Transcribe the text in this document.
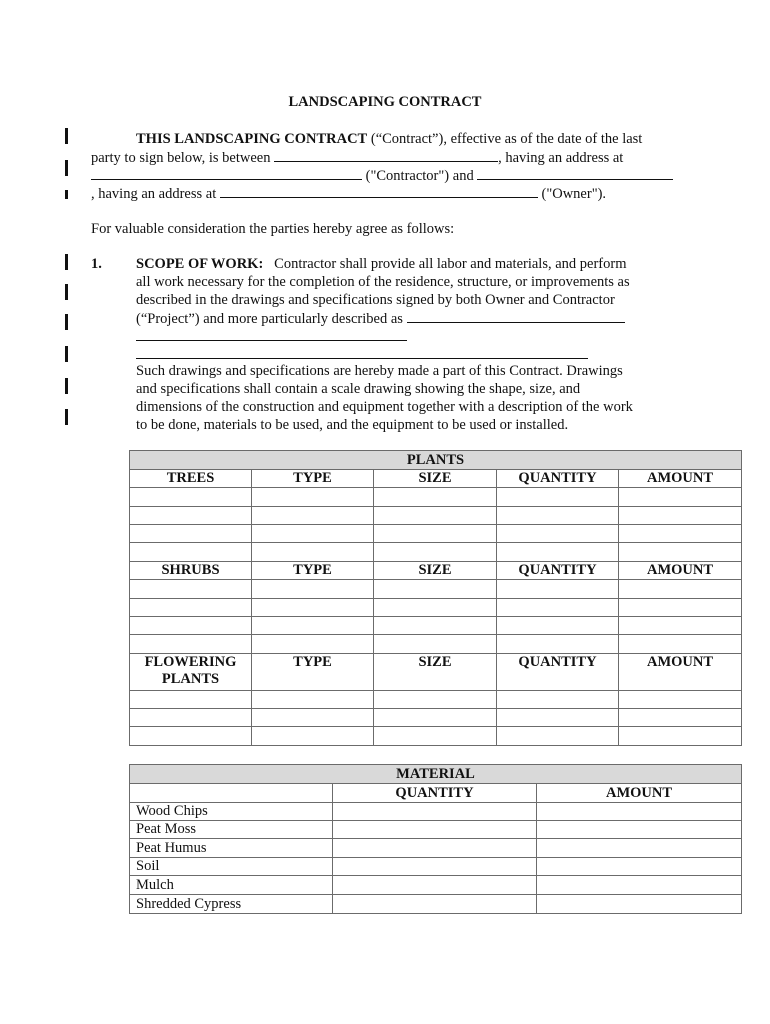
LANDSCAPING CONTRACT
THIS LANDSCAPING CONTRACT (“Contract”), effective as of the date of the last
party to sign below, is between	, having an address at
("Contractor") and
, having an address at	("Owner").
For valuable consideration the parties hereby agree as follows:
1. SCOPE OF WORK: Contractor shall provide all labor and materials, and perform
all work necessary for the completion of the residence, structure, or improvements as
described in the drawings and specifications signed by both Owner and Contractor
(“Project”) and more particularly described as
Such drawings and specifications are hereby made a part of this Contract. Drawings
and specifications shall contain a scale drawing showing the shape, size, and
dimensions of the construction and equipment together with a description of the work
to be done, materials to be used, and the equipment to be used or installed.
PLANTS				
TREES	TYPE	SIZE	QUANTITY	AMOUNT

SHRUBS	TYPE	SIZE	QUANTITY	AMOUNT

FLOWERING
PLANTS	TYPE	SIZE	QUANTITY	AMOUNT

MATERIAL		
	QUANTITY	AMOUNT
Wood Chips		
Peat Moss		
Peat Humus		
Soil		
Mulch		
Shredded Cypress		
